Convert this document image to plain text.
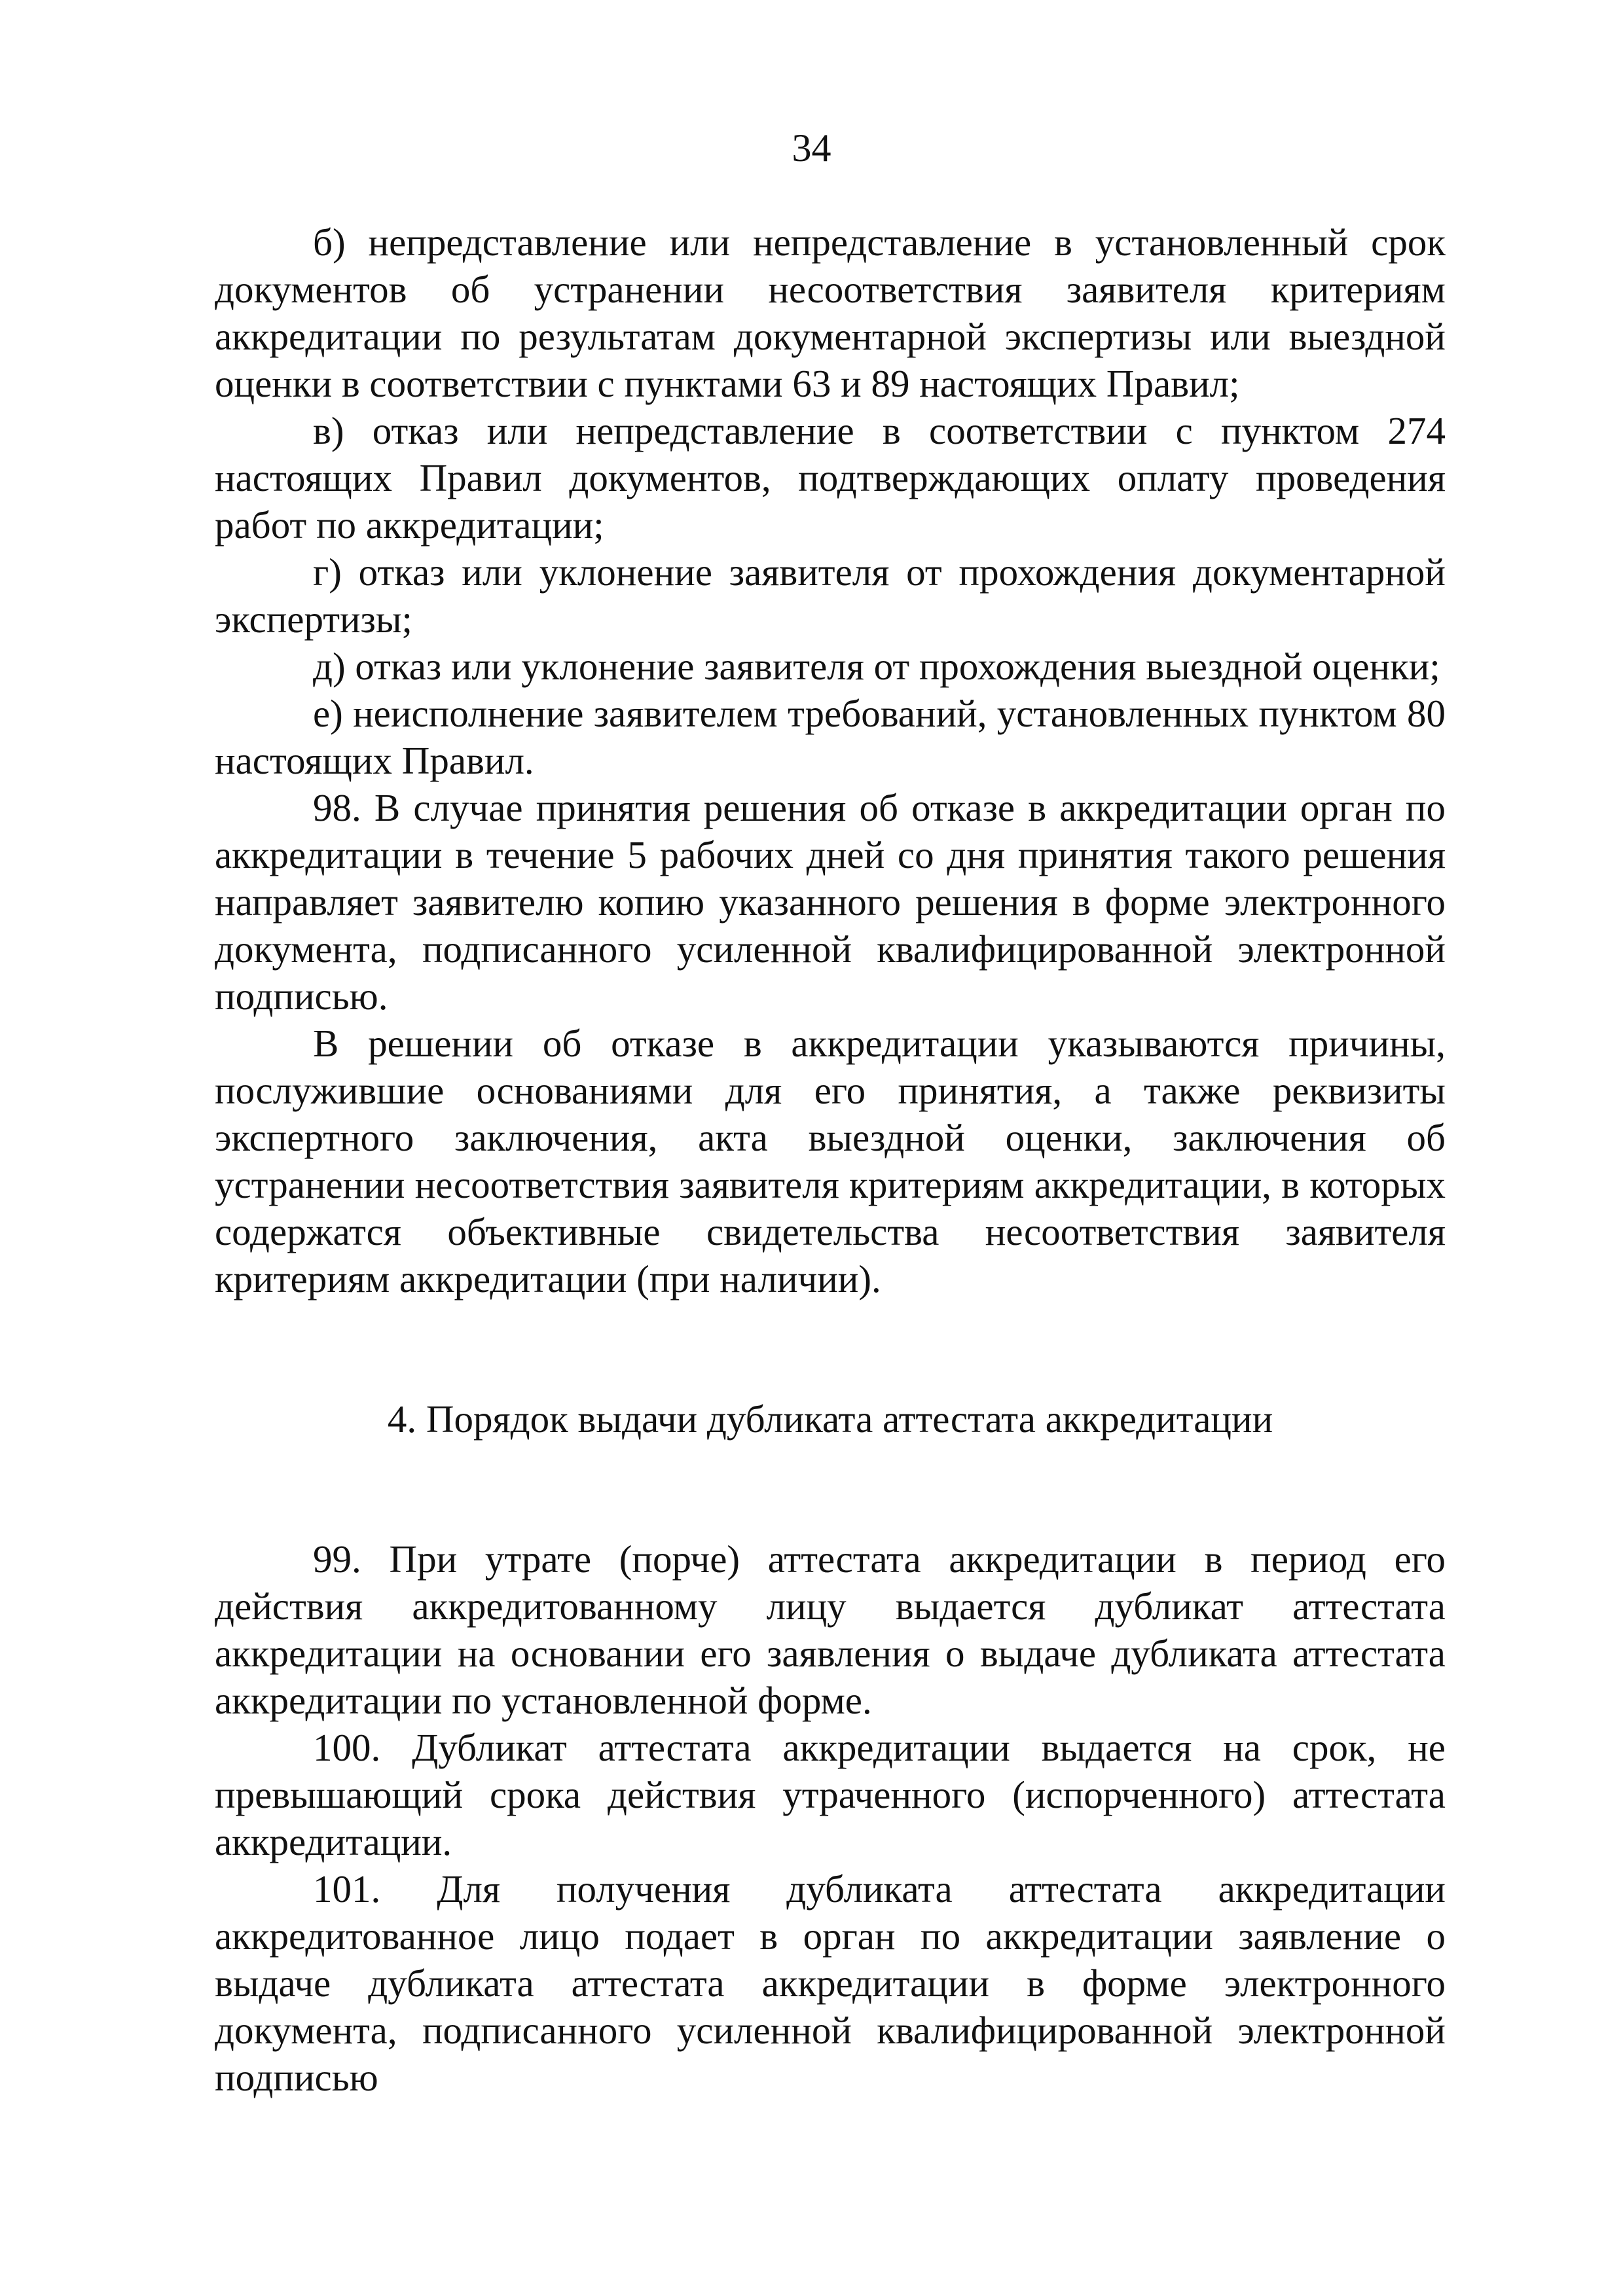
34

б) непредставление или непредставление в установленный срок документов об устранении несоответствия заявителя критериям аккредитации по результатам документарной экспертизы или выездной оценки в соответствии с пунктами 63 и 89 настоящих Правил;

в) отказ или непредставление в соответствии с пунктом 274 настоящих Правил документов, подтверждающих оплату проведения работ по аккредитации;

г) отказ или уклонение заявителя от прохождения документарной экспертизы;

д) отказ или уклонение заявителя от прохождения выездной оценки;

е) неисполнение заявителем требований, установленных пунктом 80 настоящих Правил.

98. В случае принятия решения об отказе в аккредитации орган по аккредитации в течение 5 рабочих дней со дня принятия такого решения направляет заявителю копию указанного решения в форме электронного документа, подписанного усиленной квалифицированной электронной подписью.

В решении об отказе в аккредитации указываются причины, послужившие основаниями для его принятия, а также реквизиты экспертного заключения, акта выездной оценки, заключения об устранении несоответствия заявителя критериям аккредитации, в которых содержатся объективные свидетельства несоответствия заявителя критериям аккредитации (при наличии).

4. Порядок выдачи дубликата аттестата аккредитации

99. При утрате (порче) аттестата аккредитации в период его действия аккредитованному лицу выдается дубликат аттестата аккредитации на основании его заявления о выдаче дубликата аттестата аккредитации по установленной форме.

100. Дубликат аттестата аккредитации выдается на срок, не превышающий срока действия утраченного (испорченного) аттестата аккредитации.

101. Для получения дубликата аттестата аккредитации аккредитованное лицо подает в орган по аккредитации заявление о выдаче дубликата аттестата аккредитации в форме электронного документа, подписанного усиленной квалифицированной электронной подписью
